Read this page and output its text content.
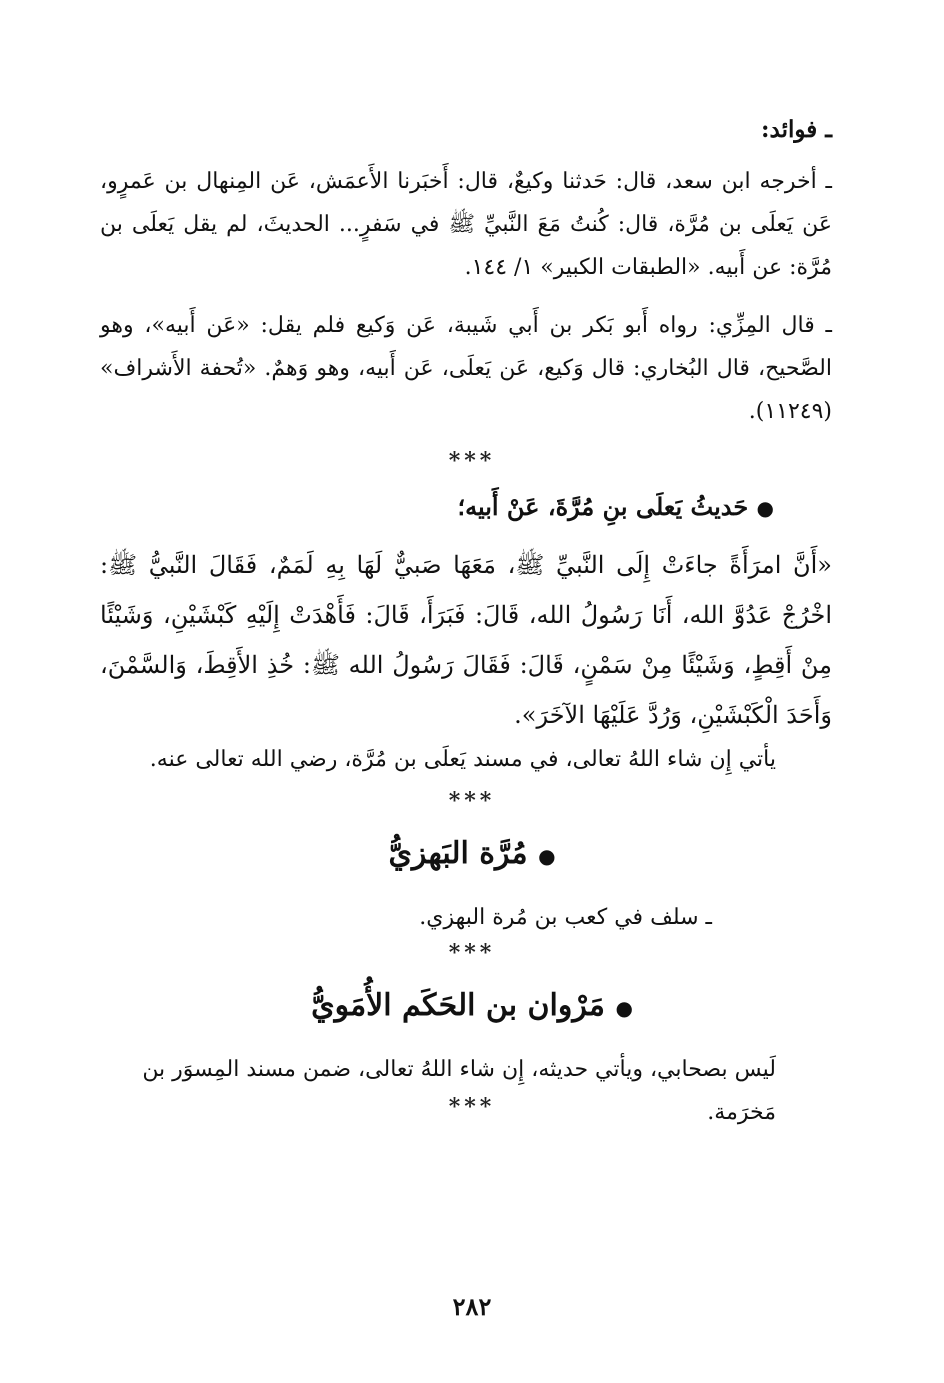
ـ فوائد:
ـ أخرجه ابن سعد، قال: حَدثنا وكيعٌ، قال: أَخبَرنا الأَعمَش، عَن المِنهال بن عَمرٍو، عَن يَعلَى بن مُرَّة، قال: كُنتُ مَعَ النَّبيِّ ﷺ في سَفرٍ... الحديثَ، لم يقل يَعلَى بن مُرَّة: عن أَبيه. «الطبقات الكبير» ١/ ١٤٤.
ـ قال المِزِّي: رواه أَبو بَكر بن أَبي شَيبة، عَن وَكيع فلم يقل: «عَن أَبيه»، وهو الصَّحيح، قال البُخاري: قال وَكيع، عَن يَعلَى، عَن أَبيه، وهو وَهمٌ. «تُحفة الأَشراف» (١١٢٤٩).
***
● حَديثُ يَعلَى بنِ مُرَّةَ، عَنْ أَبيه؛
«أَنَّ امرَأَةً جاءَتْ إِلَى النَّبيِّ ﷺ، مَعَهَا صَبيٌّ لَهَا بِهِ لَمَمٌ، فَقَالَ النَّبيُّ ﷺ: اخْرُجْ عَدُوَّ الله، أَنَا رَسُولُ الله، قَالَ: فَبَرَأَ، قَالَ: فَأَهْدَتْ إِلَيْهِ كَبْشَيْنِ، وَشَيْئًا مِنْ أَقِطٍ، وَشَيْئًا مِنْ سَمْنٍ، قَالَ: فَقَالَ رَسُولُ الله ﷺ: خُذِ الأَقِطَ، وَالسَّمْنَ، وَأَحَدَ الْكَبْشَيْنِ، وَرُدَّ عَلَيْهَا الآخَرَ».
يأتي إِن شاء اللهُ تعالى، في مسند يَعلَى بن مُرَّة، رضي الله تعالى عنه.
***
● مُرَّة البَهزيُّ
ـ سلف في كعب بن مُرة البهزي.
***
● مَرْوان بن الحَكَم الأُمَويُّ
لَيس بصحابي، ويأتي حديثه، إِن شاء اللهُ تعالى، ضمن مسند المِسوَر بن مَخرَمة.
***
٢٨٢
